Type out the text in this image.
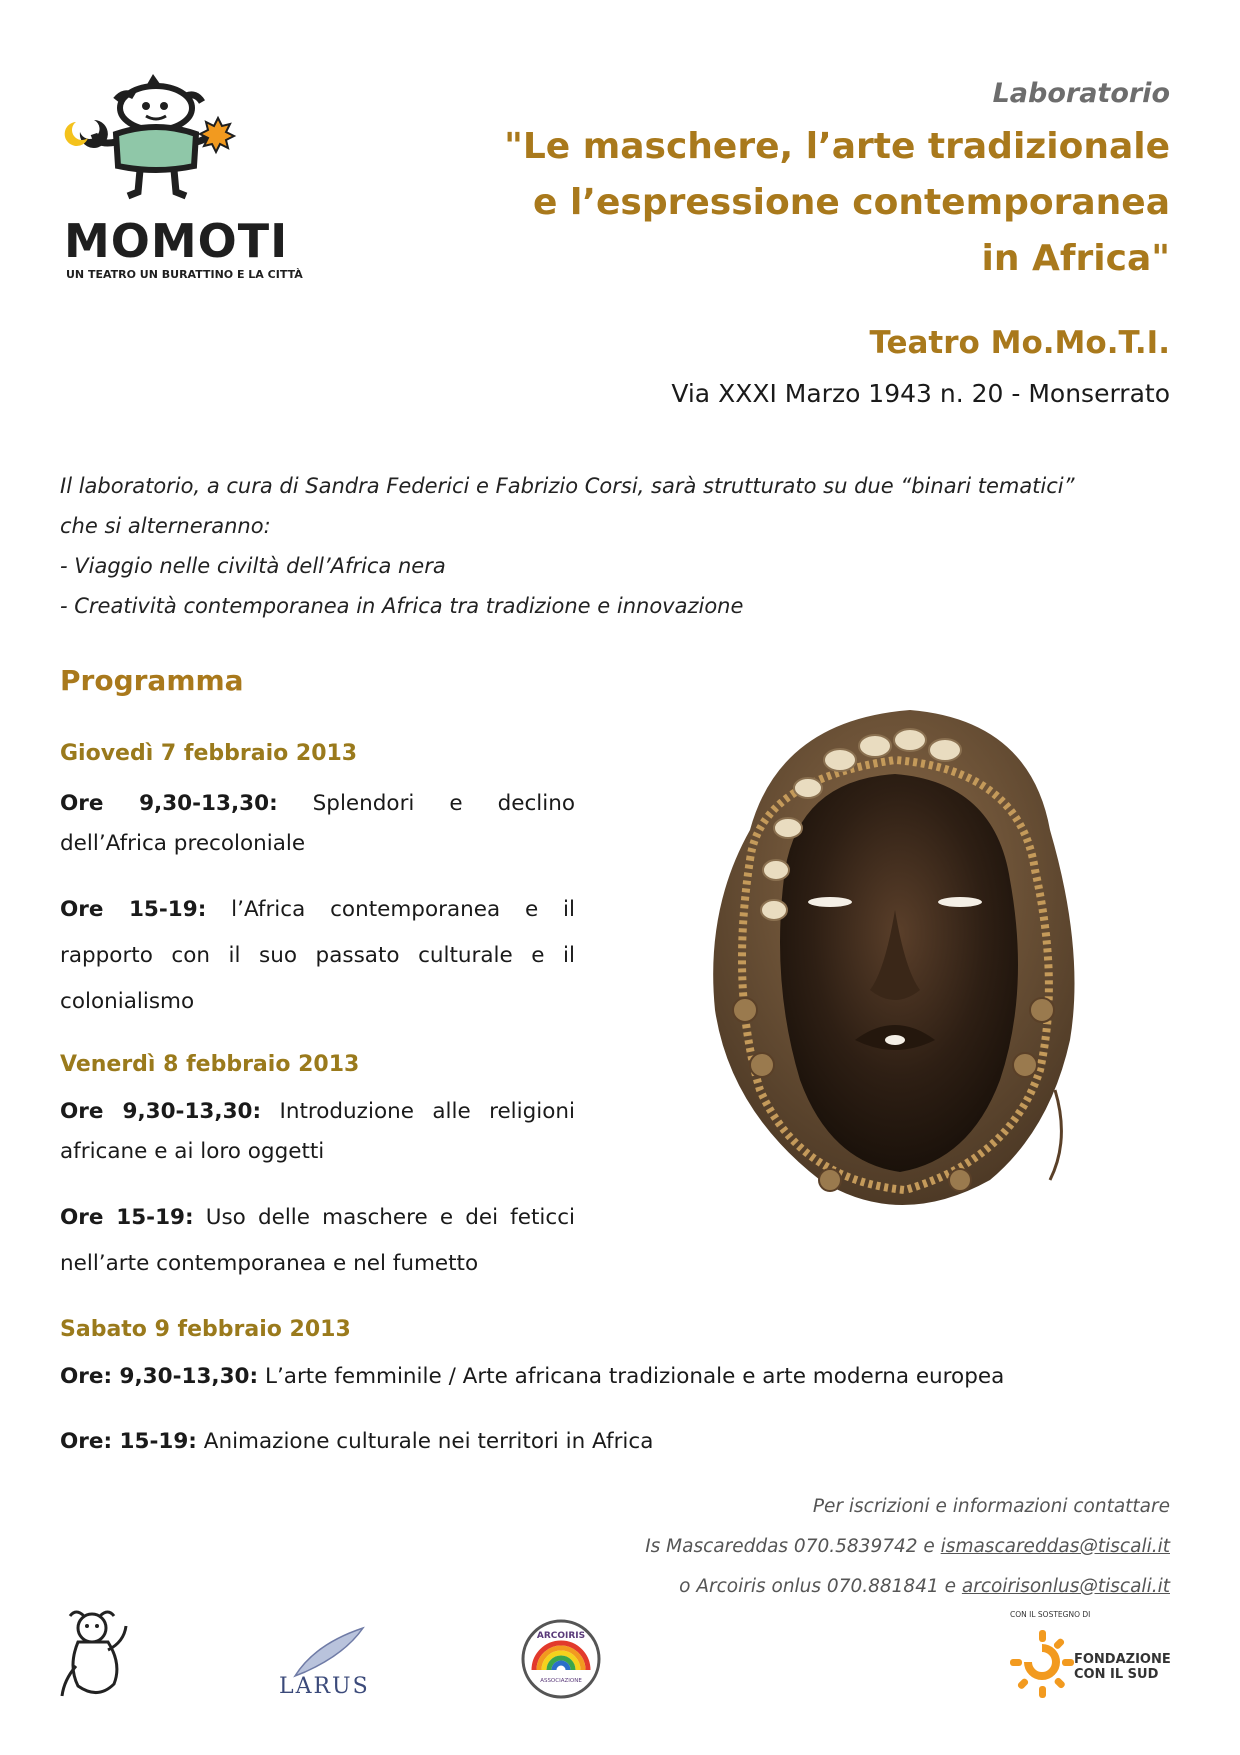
MOMOTI
UN TEATRO UN BURATTINO E LA CITTÀ

Laboratorio

"Le maschere, l’arte tradizionale

e l’espressione contemporanea

in Africa"

Teatro Mo.Mo.T.I.

Via XXXI Marzo 1943 n. 20 - Monserrato

Il laboratorio, a cura di Sandra Federici e Fabrizio Corsi, sarà strutturato su due “binari tematici”

che si alterneranno:

- Viaggio nelle civiltà dell’Africa nera

- Creatività contemporanea in Africa tra tradizione e innovazione

Programma
Giovedì 7 febbraio 2013
Ore 9,30-13,30: Splendori e declino dell’Africa precoloniale
Ore 15-19: l’Africa contemporanea e il rapporto con il suo passato culturale e il colonialismo
Venerdì 8 febbraio 2013
Ore 9,30-13,30: Introduzione alle religioni africane e ai loro oggetti
Ore 15-19: Uso delle maschere e dei feticci nell’arte contemporanea e nel fumetto
Sabato 9 febbraio 2013
Ore: 9,30-13,30: L’arte femminile / Arte africana tradizionale e arte moderna europea
Ore: 15-19: Animazione culturale nei territori in Africa

Per iscrizioni e informazioni contattare

Is Mascareddas 070.5839742 e ismascareddas@tiscali.it

o Arcoiris onlus 070.881841 e arcoirisonlus@tiscali.it

LARUS
ARCOIRIS
ASSOCIAZIONE
CON IL SOSTEGNO DI
FONDAZIONE
CON IL SUD
